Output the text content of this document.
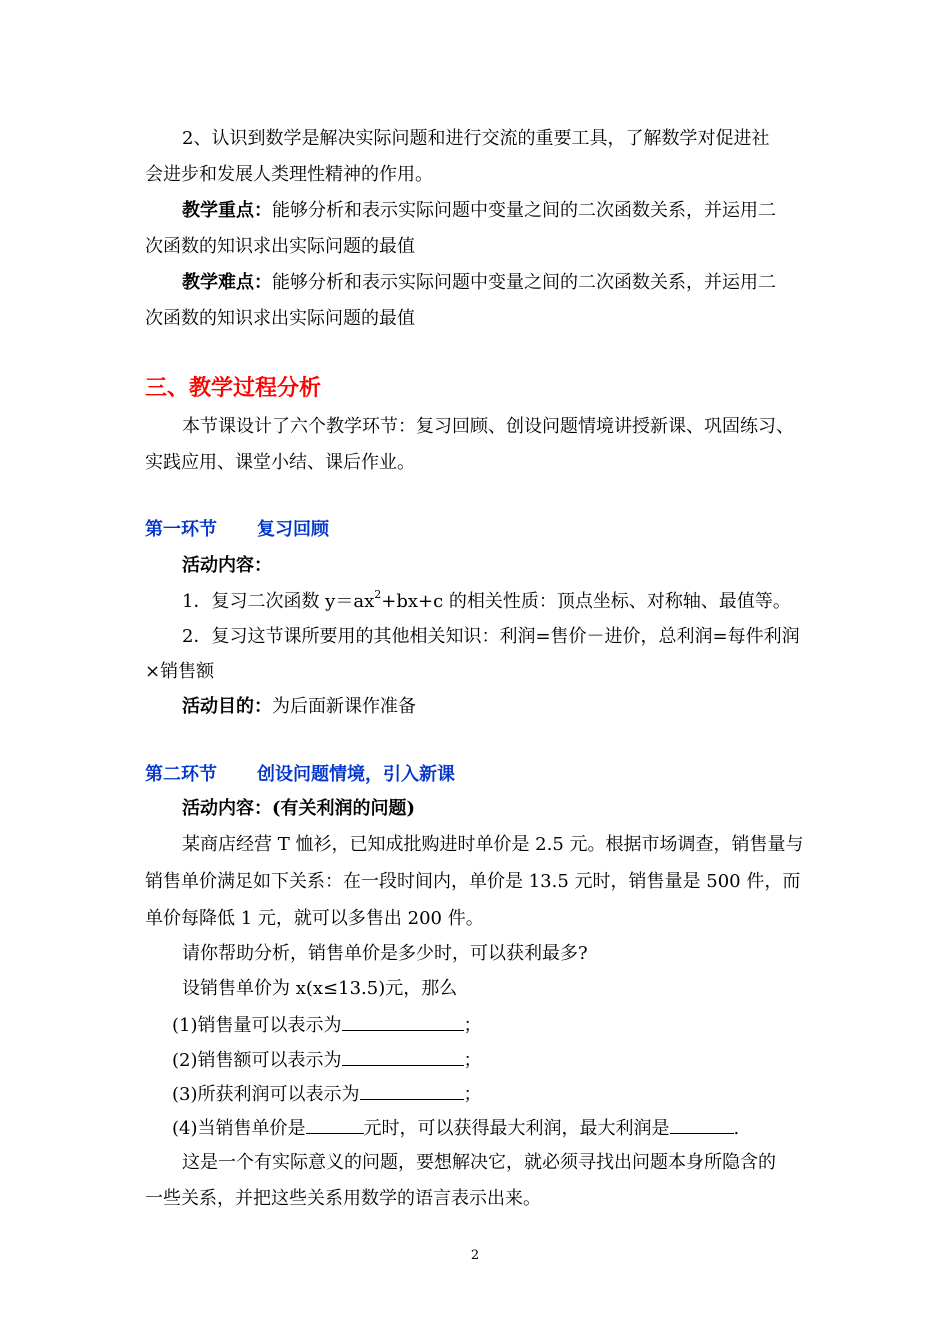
2、认识到数学是解决实际问题和进行交流的重要工具，了解数学对促进社
会进步和发展人类理性精神的作用。
教学重点：能够分析和表示实际问题中变量之间的二次函数关系，并运用二
次函数的知识求出实际问题的最值
教学难点：能够分析和表示实际问题中变量之间的二次函数关系，并运用二
次函数的知识求出实际问题的最值
三、教学过程分析
本节课设计了六个教学环节：复习回顾、创设问题情境讲授新课、巩固练习、
实践应用、课堂小结、课后作业。
第一环节 复习回顾
活动内容：
1．复习二次函数 $y=ax^2+bx+c$ 的相关性质：顶点坐标、对称轴、最值等。
2．复习这节课所要用的其他相关知识：利润=售价－进价，总利润=每件利润
×销售额
活动目的：为后面新课作准备
第二环节 创设问题情境，引入新课
活动内容：(有关利润的问题)
某商店经营 T 恤衫，已知成批购进时单价是 2.5 元。根据市场调查，销售量与
销售单价满足如下关系：在一段时间内，单价是 13.5 元时，销售量是 500 件，而
单价每降低 1 元，就可以多售出 200 件。
请你帮助分析，销售单价是多少时，可以获利最多?
设销售单价为 x(x≤13.5)元，那么
(1)销售量可以表示为	；
(2)销售额可以表示为	；
(3)所获利润可以表示为	；
(4)当销售单价是	元时，可以获得最大利润，最大利润是	.
这是一个有实际意义的问题，要想解决它，就必须寻找出问题本身所隐含的
一些关系，并把这些关系用数学的语言表示出来。
2
